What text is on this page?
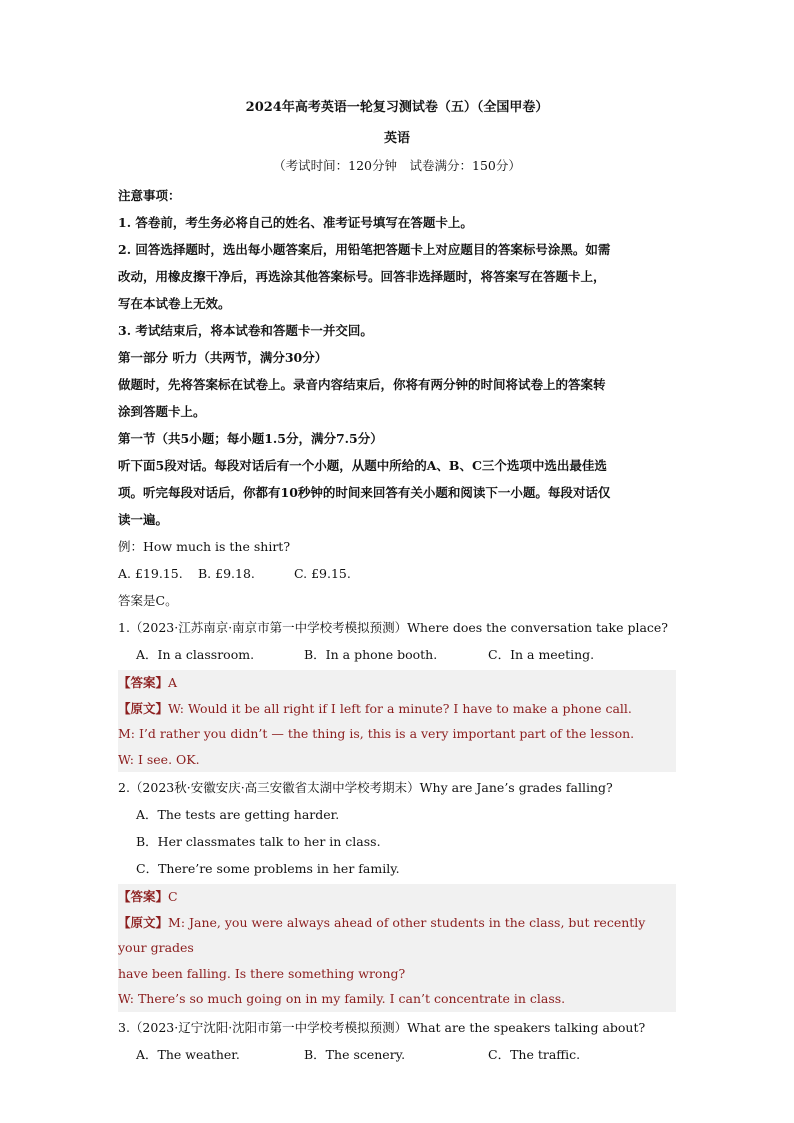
2024年高考英语一轮复习测试卷（五）（全国甲卷）
英语
（考试时间：120分钟　试卷满分：150分）
注意事项：
1. 答卷前，考生务必将自己的姓名、准考证号填写在答题卡上。
2. 回答选择题时，选出每小题答案后，用铅笔把答题卡上对应题目的答案标号涂黑。如需
改动，用橡皮擦干净后，再选涂其他答案标号。回答非选择题时，将答案写在答题卡上，
写在本试卷上无效。
3. 考试结束后，将本试卷和答题卡一并交回。
第一部分 听力（共两节，满分30分）
做题时，先将答案标在试卷上。录音内容结束后，你将有两分钟的时间将试卷上的答案转
涂到答题卡上。
第一节（共5小题；每小题1.5分，满分7.5分）
听下面5段对话。每段对话后有一个小题，从题中所给的A、B、C三个选项中选出最佳选
项。听完每段对话后，你都有10秒钟的时间来回答有关小题和阅读下一小题。每段对话仅
读一遍。
例：How much is the shirt?
A. £19.15.	B. £9.18.	C. £9.15.
答案是C。
1.（2023·江苏南京·南京市第一中学校考模拟预测）Where does the conversation take place?
A．In a classroom.	B．In a phone booth.	C．In a meeting.
【答案】A
【原文】W: Would it be all right if I left for a minute? I have to make a phone call.
M: I’d rather you didn’t — the thing is, this is a very important part of the lesson.
W: I see. OK.
2.（2023秋·安徽安庆·高三安徽省太湖中学校考期末）Why are Jane’s grades falling?
A．The tests are getting harder.
B．Her classmates talk to her in class.
C．There’re some problems in her family.
【答案】C
【原文】M: Jane, you were always ahead of other students in the class, but recently your grades
have been falling. Is there something wrong?
W: There’s so much going on in my family. I can’t concentrate in class.
3.（2023·辽宁沈阳·沈阳市第一中学校考模拟预测）What are the speakers talking about?
A．The weather.	B．The scenery.	C．The traffic.
